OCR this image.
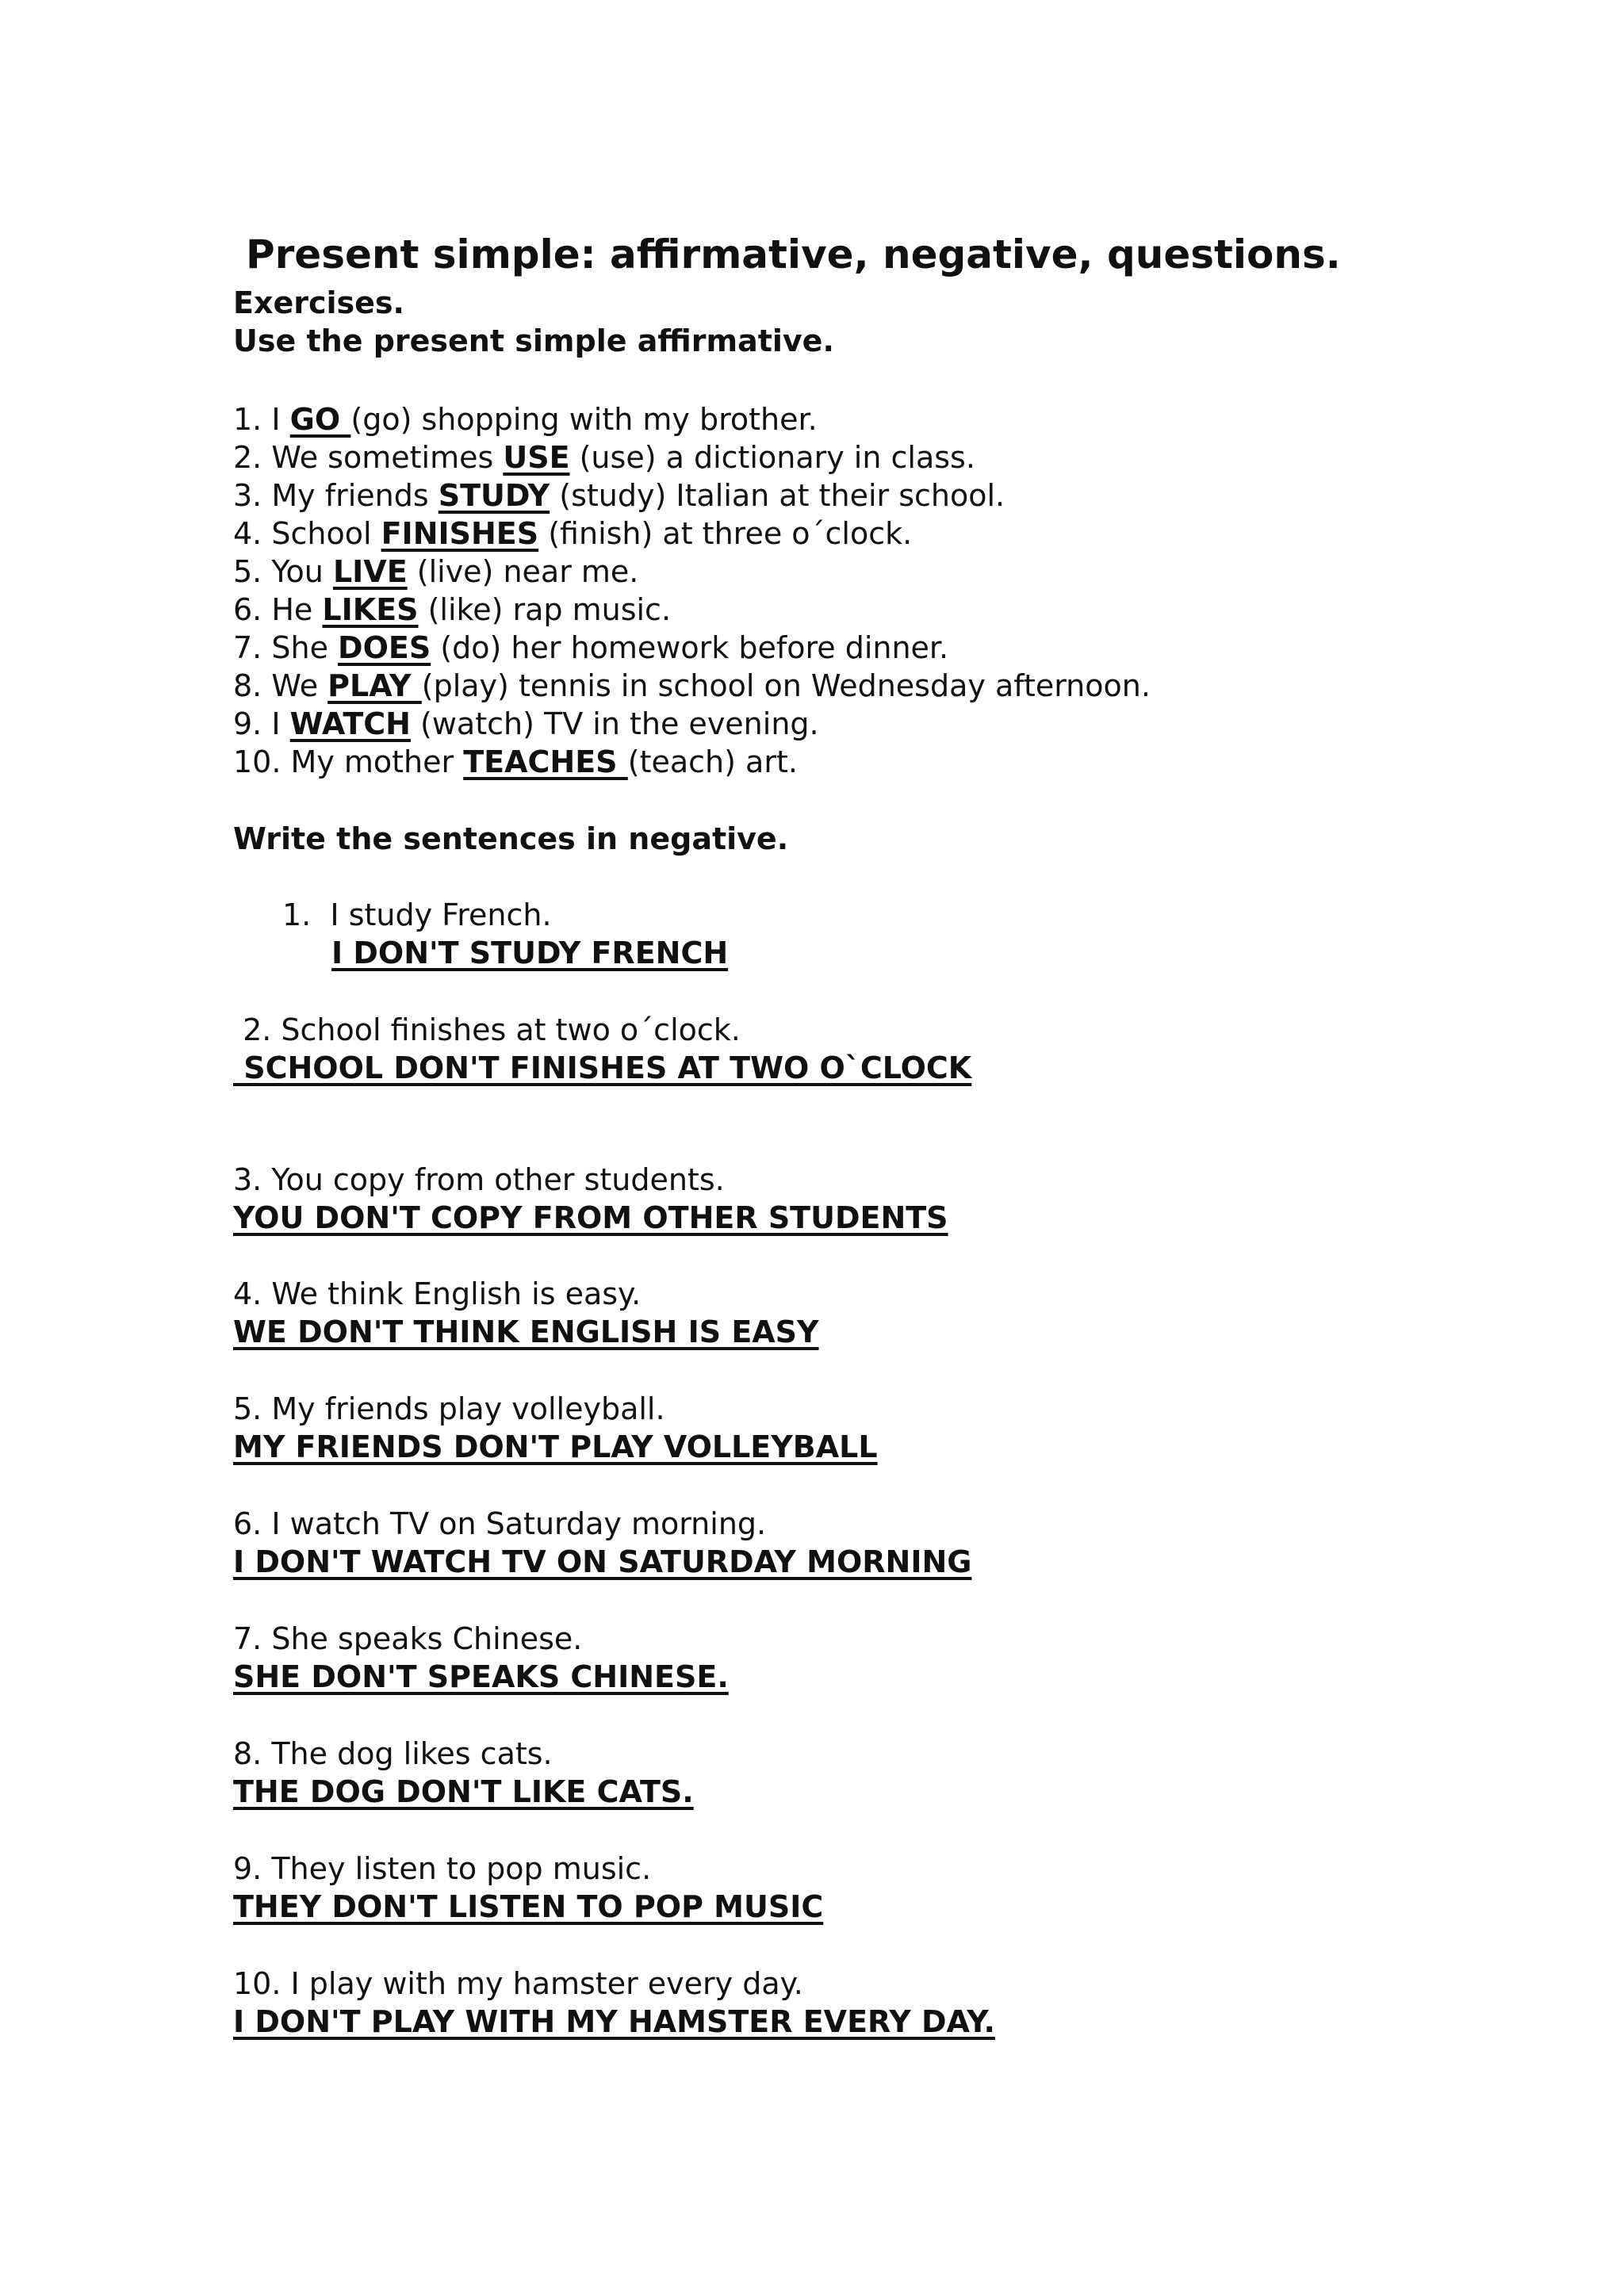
Present simple: affirmative, negative, questions.

Exercises.

Use the present simple affirmative.

1. I GO (go) shopping with my brother.
2. We sometimes USE (use) a dictionary in class.
3. My friends STUDY (study) Italian at their school.
4. School FINISHES (finish) at three o´clock.
5. You LIVE (live) near me.
6. He LIKES (like) rap music.
7. She DOES (do) her homework before dinner.
8. We PLAY (play) tennis in school on Wednesday afternoon.
9. I WATCH (watch) TV in the evening.
10. My mother TEACHES (teach) art.

Write the sentences in negative.

1.  I study French.
I DON'T STUDY FRENCH
2. School finishes at two o´clock.
SCHOOL DON'T FINISHES AT TWO O`CLOCK
3. You copy from other students.
YOU DON'T COPY FROM OTHER STUDENTS
4. We think English is easy.
WE DON'T THINK ENGLISH IS EASY
5. My friends play volleyball.
MY FRIENDS DON'T PLAY VOLLEYBALL
6. I watch TV on Saturday morning.
I DON'T WATCH TV ON SATURDAY MORNING
7. She speaks Chinese.
SHE DON'T SPEAKS CHINESE.
8. The dog likes cats.
THE DOG DON'T LIKE CATS.
9. They listen to pop music.
THEY DON'T LISTEN TO POP MUSIC
10. I play with my hamster every day.
I DON'T PLAY WITH MY HAMSTER EVERY DAY.
